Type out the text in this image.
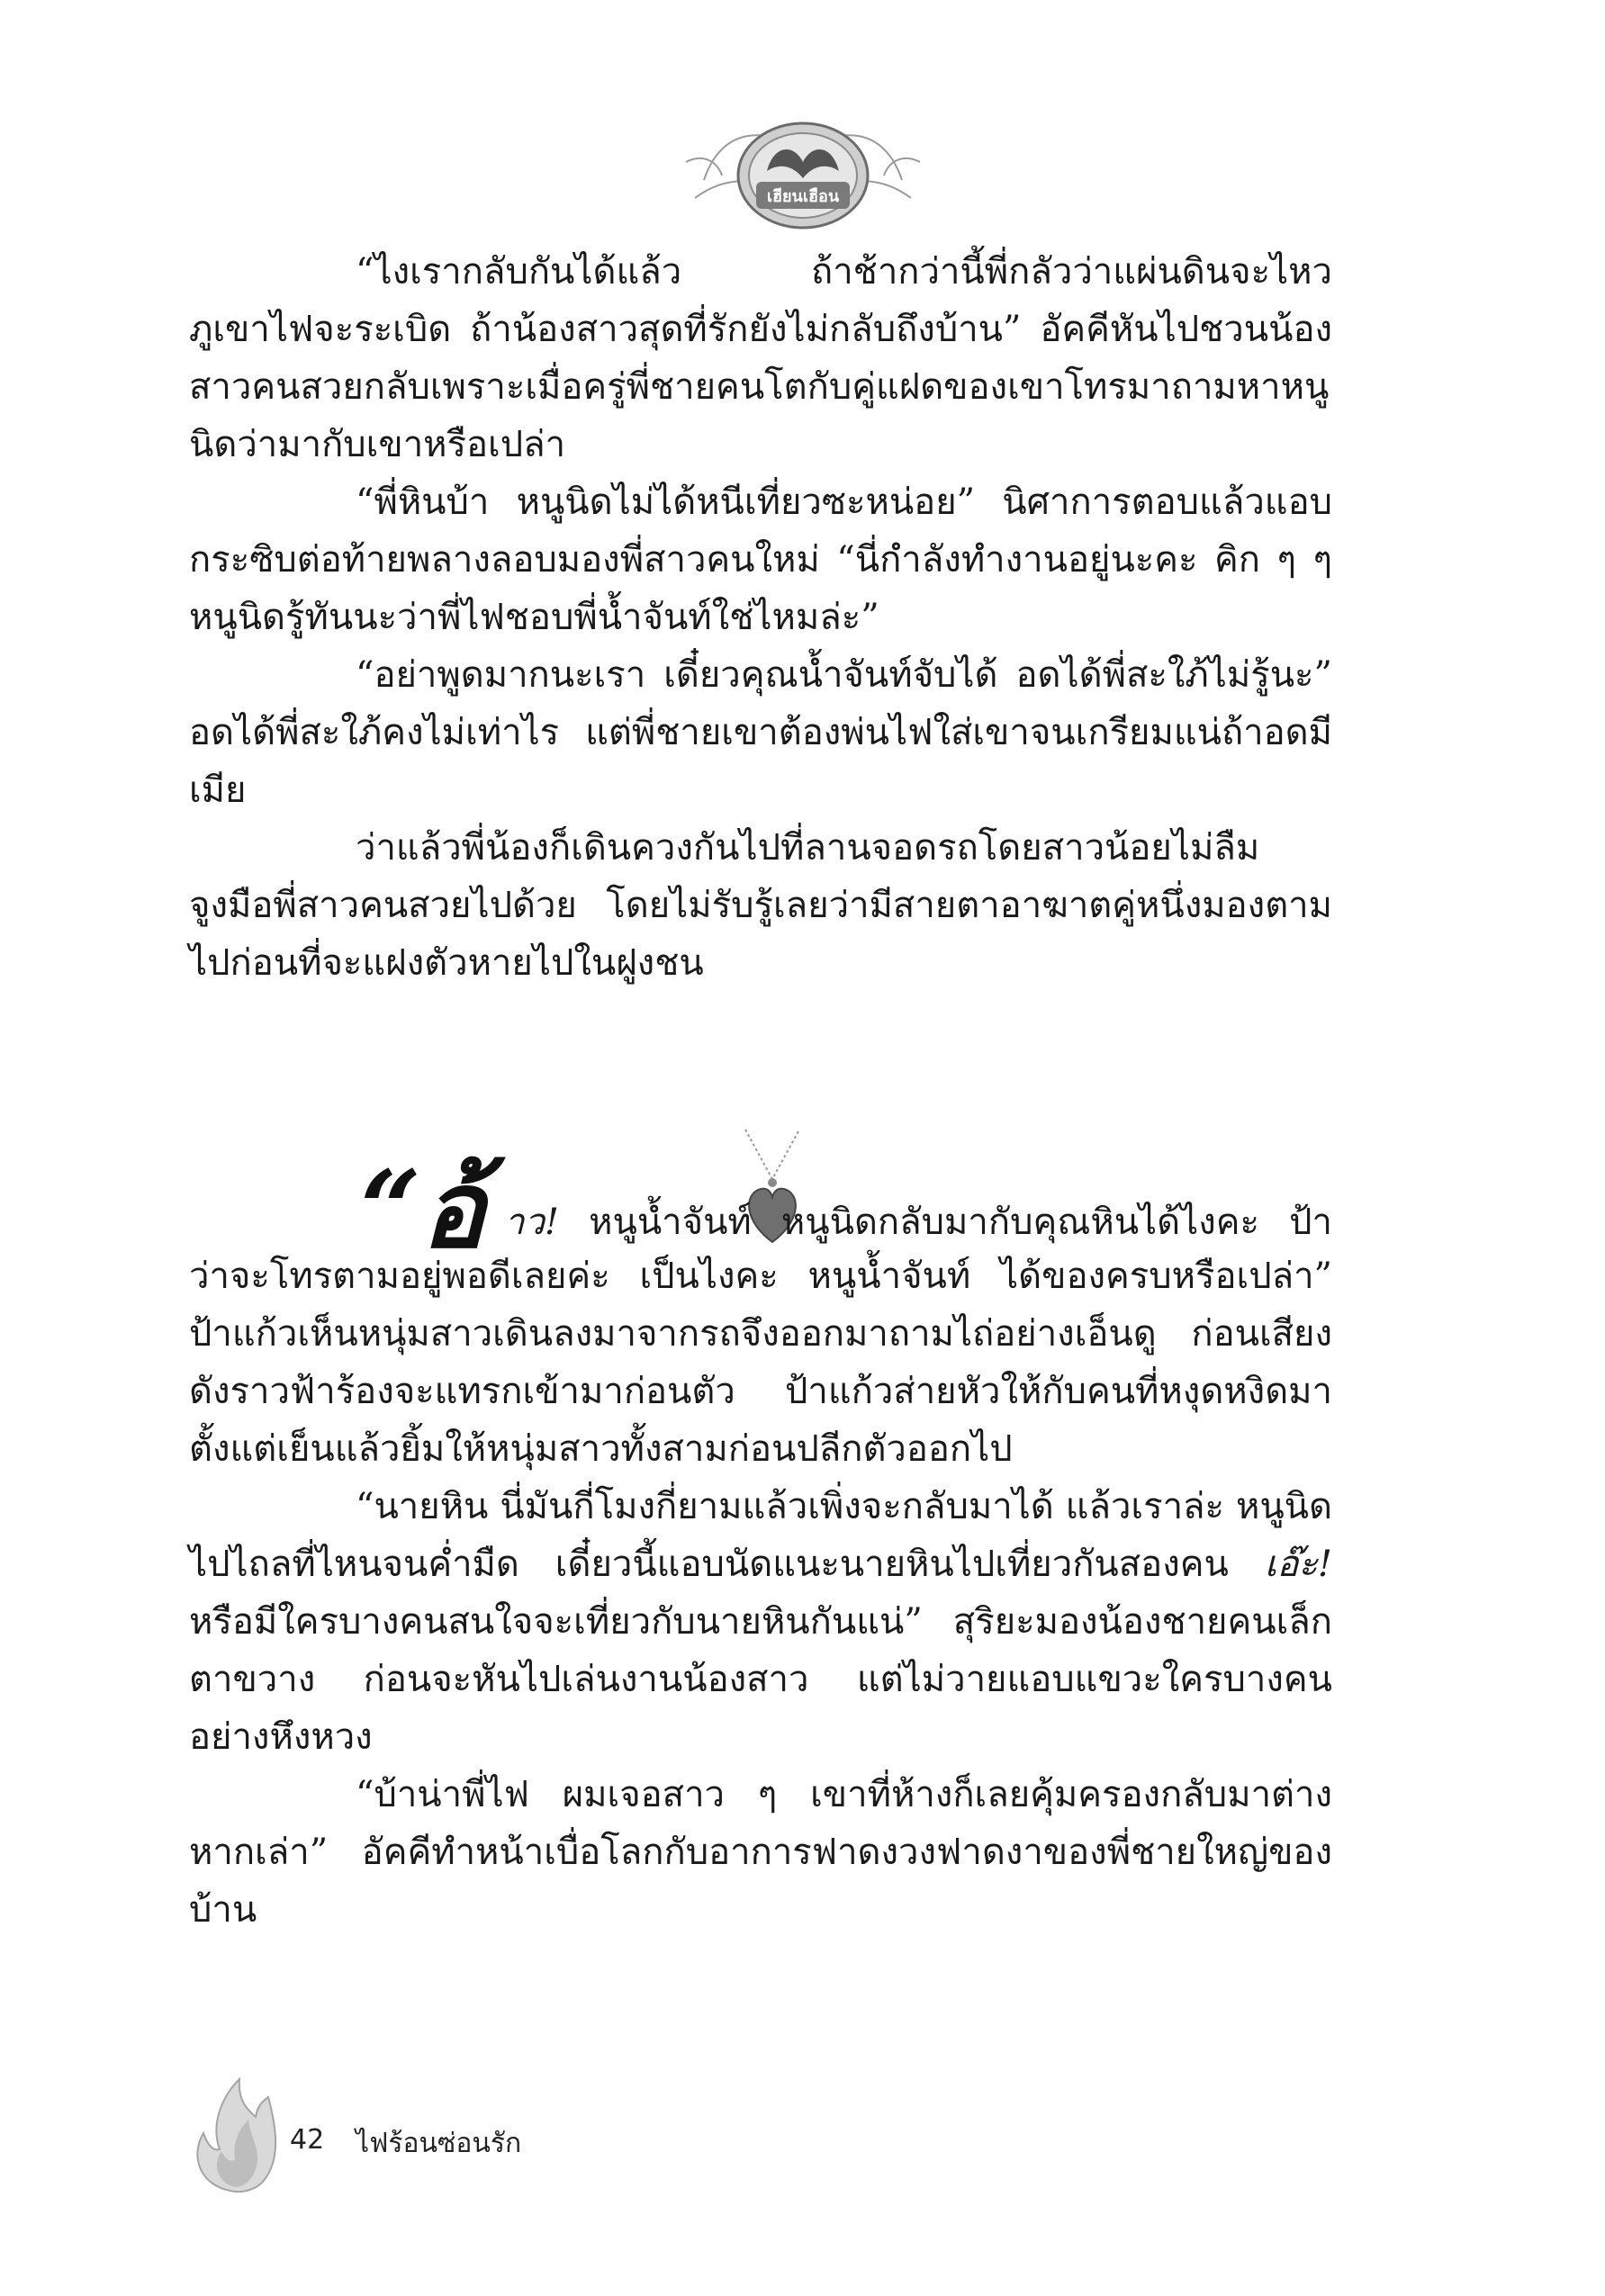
เฮียนเฮือน

“ไงเรากลับกันได้แล้ว ถ้าช้ากว่านี้พี่กลัวว่าแผ่นดินจะไหว ภูเขาไฟจะระเบิด ถ้าน้องสาวสุดที่รักยังไม่กลับถึงบ้าน” อัคคีหันไปชวนน้องสาวคนสวยกลับเพราะเมื่อครู่พี่ชายคนโตกับคู่แฝดของเขาโทรมาถามหาหนูนิดว่ามากับเขาหรือเปล่า

“พี่หินบ้า หนูนิดไม่ได้หนีเที่ยวซะหน่อย” นิศาการตอบแล้วแอบกระซิบต่อท้ายพลางลอบมองพี่สาวคนใหม่ “นี่กำลังทำงานอยู่นะคะ คิก ๆ ๆ หนูนิดรู้ทันนะว่าพี่ไฟชอบพี่น้ำจันท์ใช่ไหมล่ะ”

“อย่าพูดมากนะเรา เดี๋ยวคุณน้ำจันท์จับได้ อดได้พี่สะใภ้ไม่รู้นะ” อดได้พี่สะใภ้คงไม่เท่าไร แต่พี่ชายเขาต้องพ่นไฟใส่เขาจนเกรียมแน่ถ้าอดมีเมีย

ว่าแล้วพี่น้องก็เดินควงกันไปที่ลานจอดรถโดยสาวน้อยไม่ลืมจูงมือพี่สาวคนสวยไปด้วย โดยไม่รับรู้เลยว่ามีสายตาอาฆาตคู่หนึ่งมองตามไปก่อนที่จะแฝงตัวหายไปในฝูงชน

“อ้ าว! หนูน้ำจันท์ หนูนิดกลับมากับคุณหินได้ไงคะ ป้า

ว่าจะโทรตามอยู่พอดีเลยค่ะ เป็นไงคะ หนูน้ำจันท์ ได้ของครบหรือเปล่า” ป้าแก้วเห็นหนุ่มสาวเดินลงมาจากรถจึงออกมาถามไถ่อย่างเอ็นดู ก่อนเสียงดังราวฟ้าร้องจะแทรกเข้ามาก่อนตัว ป้าแก้วส่ายหัวให้กับคนที่หงุดหงิดมาตั้งแต่เย็นแล้วยิ้มให้หนุ่มสาวทั้งสามก่อนปลีกตัวออกไป

“นายหิน นี่มันกี่โมงกี่ยามแล้วเพิ่งจะกลับมาได้ แล้วเราล่ะ หนูนิด ไปไถลที่ไหนจนค่ำมืด เดี๋ยวนี้แอบนัดแนะนายหินไปเที่ยวกันสองคน เอ๊ะ! หรือมีใครบางคนสนใจจะเที่ยวกับนายหินกันแน่” สุริยะมองน้องชายคนเล็กตาขวาง ก่อนจะหันไปเล่นงานน้องสาว แต่ไม่วายแอบแขวะใครบางคนอย่างหึงหวง

“บ้าน่าพี่ไฟ ผมเจอสาว ๆ เขาที่ห้างก็เลยคุ้มครองกลับมาต่างหากเล่า” อัคคีทำหน้าเบื่อโลกกับอาการฟาดงวงฟาดงาของพี่ชายใหญ่ของบ้าน

42 ไฟร้อนซ่อนรัก
